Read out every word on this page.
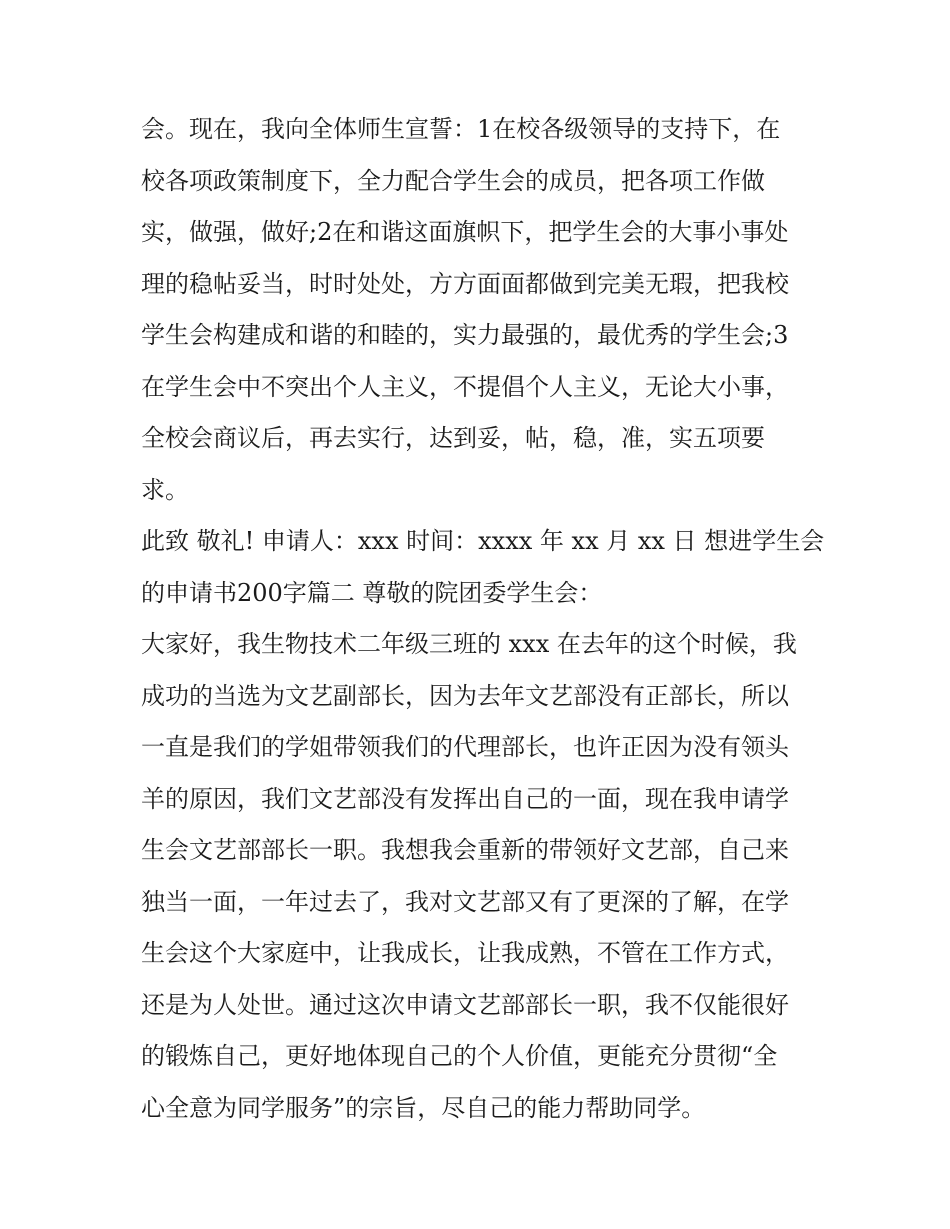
会。现在，我向全体师生宣誓：1在校各级领导的支持下，在
校各项政策制度下，全力配合学生会的成员，把各项工作做
实，做强，做好;2在和谐这面旗帜下，把学生会的大事小事处
理的稳帖妥当，时时处处，方方面面都做到完美无瑕，把我校
学生会构建成和谐的和睦的，实力最强的，最优秀的学生会;3
在学生会中不突出个人主义，不提倡个人主义，无论大小事，
全校会商议后，再去实行，达到妥，帖，稳，准，实五项要
求。
此致 敬礼! 申请人：xxx 时间：xxxx 年 xx 月 xx 日 想进学生会
的申请书200字篇二 尊敬的院团委学生会：
大家好，我生物技术二年级三班的 xxx 在去年的这个时候，我
成功的当选为文艺副部长，因为去年文艺部没有正部长，所以
一直是我们的学姐带领我们的代理部长，也许正因为没有领头
羊的原因，我们文艺部没有发挥出自己的一面，现在我申请学
生会文艺部部长一职。我想我会重新的带领好文艺部，自己来
独当一面，一年过去了，我对文艺部又有了更深的了解，在学
生会这个大家庭中，让我成长，让我成熟，不管在工作方式，
还是为人处世。通过这次申请文艺部部长一职，我不仅能很好
的锻炼自己，更好地体现自己的个人价值，更能充分贯彻“全
心全意为同学服务”的宗旨，尽自己的能力帮助同学。
